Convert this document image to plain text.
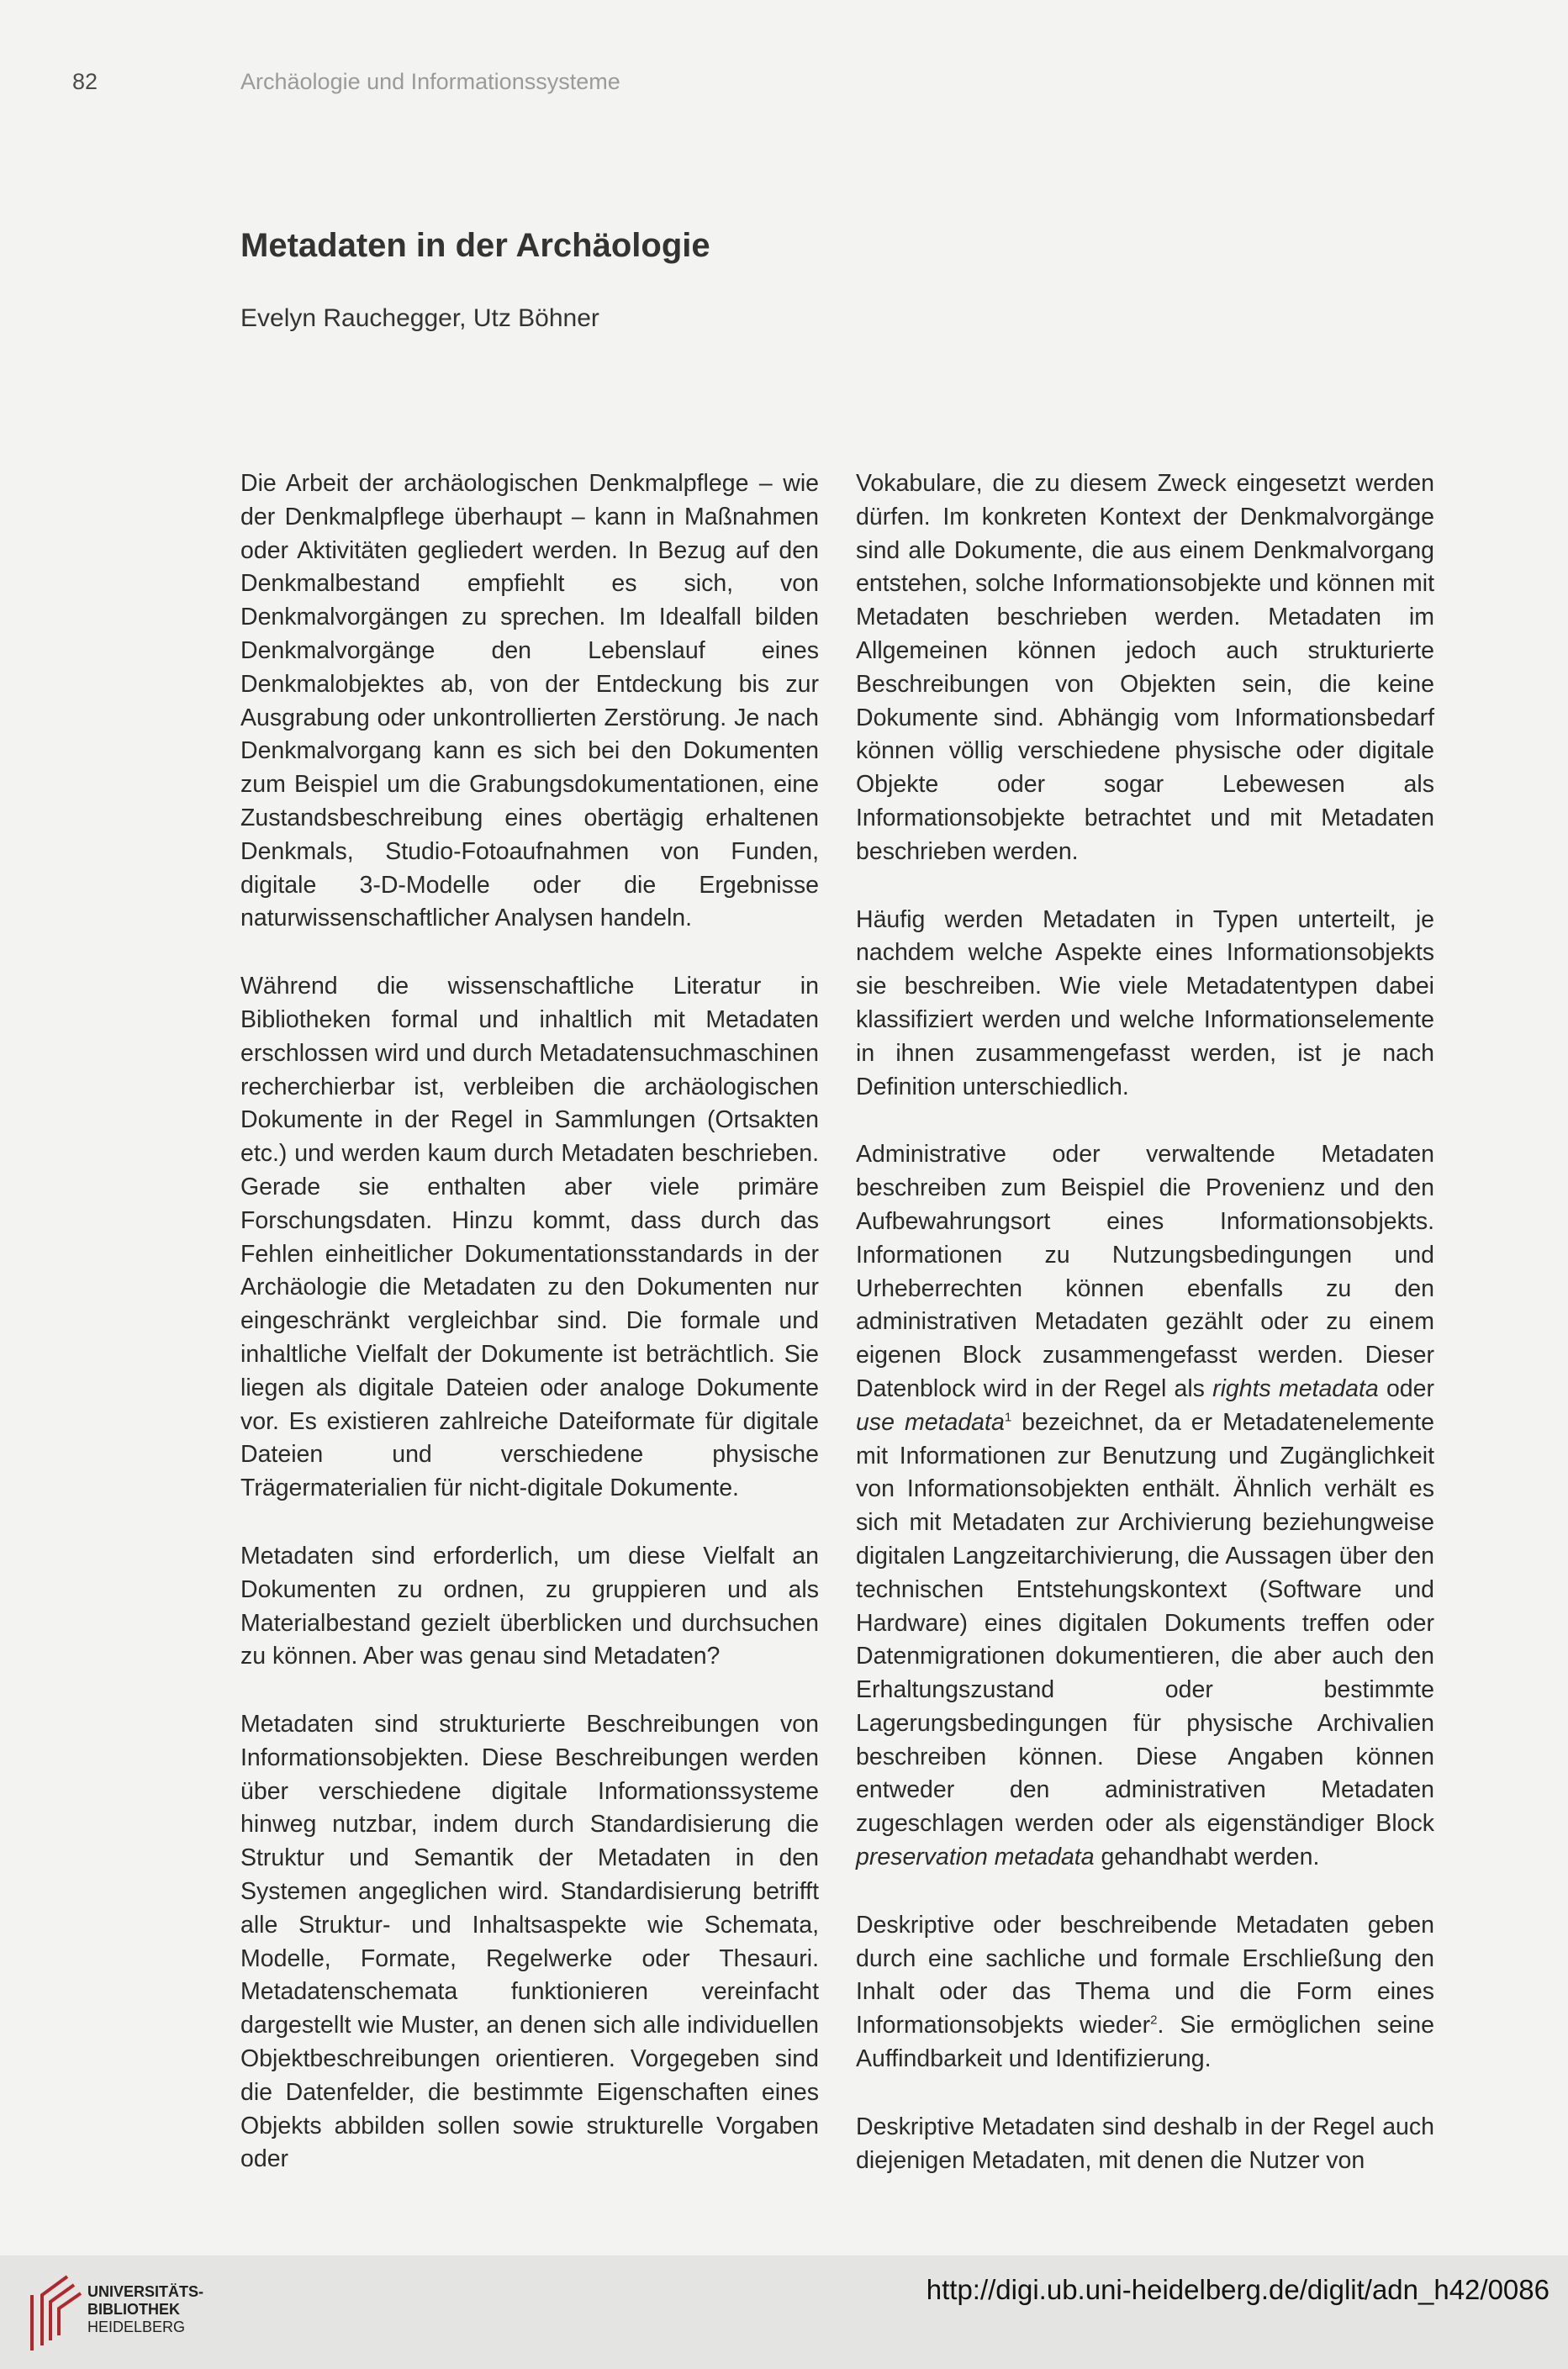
82	Archäologie und Informationssysteme
Metadaten in der Archäologie
Evelyn Rauchegger, Utz Böhner

Die Arbeit der archäologischen Denkmalpflege – wie der Denkmalpflege überhaupt – kann in Maßnahmen oder Aktivitäten gegliedert werden. In Bezug auf den Denkmalbestand empfiehlt es sich, von Denkmalvorgängen zu sprechen. Im Idealfall bilden Denkmalvorgänge den Lebenslauf eines Denkmalobjektes ab, von der Entdeckung bis zur Ausgrabung oder unkontrollierten Zerstörung. Je nach Denkmalvorgang kann es sich bei den Dokumenten zum Beispiel um die Grabungsdokumentationen, eine Zustandsbeschreibung eines obertägig erhaltenen Denkmals, Studio-Fotoaufnahmen von Funden, digitale 3-D-Modelle oder die Ergebnisse naturwissenschaftlicher Analysen handeln.

Während die wissenschaftliche Literatur in Bibliotheken formal und inhaltlich mit Metadaten erschlossen wird und durch Metadatensuchmaschinen recherchierbar ist, verbleiben die archäologischen Dokumente in der Regel in Sammlungen (Ortsakten etc.) und werden kaum durch Metadaten beschrieben. Gerade sie enthalten aber viele primäre Forschungsdaten. Hinzu kommt, dass durch das Fehlen einheitlicher Dokumentationsstandards in der Archäologie die Metadaten zu den Dokumenten nur eingeschränkt vergleichbar sind. Die formale und inhaltliche Vielfalt der Dokumente ist beträchtlich. Sie liegen als digitale Dateien oder analoge Dokumente vor. Es existieren zahlreiche Dateiformate für digitale Dateien und verschiedene physische Trägermaterialien für nicht-digitale Dokumente.

Metadaten sind erforderlich, um diese Vielfalt an Dokumenten zu ordnen, zu gruppieren und als Materialbestand gezielt überblicken und durchsuchen zu können. Aber was genau sind Metadaten?

Metadaten sind strukturierte Beschreibungen von Informationsobjekten. Diese Beschreibungen werden über verschiedene digitale Informationssysteme hinweg nutzbar, indem durch Standardisierung die Struktur und Semantik der Metadaten in den Systemen angeglichen wird. Standardisierung betrifft alle Struktur- und Inhaltsaspekte wie Schemata, Modelle, Formate, Regelwerke oder Thesauri. Metadatenschemata funktionieren vereinfacht dargestellt wie Muster, an denen sich alle individuellen Objektbeschreibungen orientieren. Vorgegeben sind die Datenfelder, die bestimmte Eigenschaften eines Objekts abbilden sollen sowie strukturelle Vorgaben oder

Vokabulare, die zu diesem Zweck eingesetzt werden dürfen. Im konkreten Kontext der Denkmalvorgänge sind alle Dokumente, die aus einem Denkmalvorgang entstehen, solche Informationsobjekte und können mit Metadaten beschrieben werden. Metadaten im Allgemeinen können jedoch auch strukturierte Beschreibungen von Objekten sein, die keine Dokumente sind. Abhängig vom Informationsbedarf können völlig verschiedene physische oder digitale Objekte oder sogar Lebewesen als Informationsobjekte betrachtet und mit Metadaten beschrieben werden.

Häufig werden Metadaten in Typen unterteilt, je nachdem welche Aspekte eines Informationsobjekts sie beschreiben. Wie viele Metadatentypen dabei klassifiziert werden und welche Informationselemente in ihnen zusammengefasst werden, ist je nach Definition unterschiedlich.

Administrative oder verwaltende Metadaten beschreiben zum Beispiel die Provenienz und den Aufbewahrungsort eines Informationsobjekts. Informationen zu Nutzungsbedingungen und Urheberrechten können ebenfalls zu den administrativen Metadaten gezählt oder zu einem eigenen Block zusammengefasst werden. Dieser Datenblock wird in der Regel als rights metadata oder use metadata$^1$ bezeichnet, da er Metadatenelemente mit Informationen zur Benutzung und Zugänglichkeit von Informationsobjekten enthält. Ähnlich verhält es sich mit Metadaten zur Archivierung beziehungweise digitalen Langzeitarchivierung, die Aussagen über den technischen Entstehungskontext (Software und Hardware) eines digitalen Dokuments treffen oder Datenmigrationen dokumentieren, die aber auch den Erhaltungszustand oder bestimmte Lagerungsbedingungen für physische Archivalien beschreiben können. Diese Angaben können entweder den administrativen Metadaten zugeschlagen werden oder als eigenständiger Block preservation metadata gehandhabt werden.

Deskriptive oder beschreibende Metadaten geben durch eine sachliche und formale Erschließung den Inhalt oder das Thema und die Form eines Informationsobjekts wieder$^2$. Sie ermöglichen seine Auffindbarkeit und Identifizierung.

Deskriptive Metadaten sind deshalb in der Regel auch diejenigen Metadaten, mit denen die Nutzer von

UNIVERSITÄTS-
BIBLIOTHEK
HEIDELBERG
http://digi.ub.uni-heidelberg.de/diglit/adn_h42/0086
